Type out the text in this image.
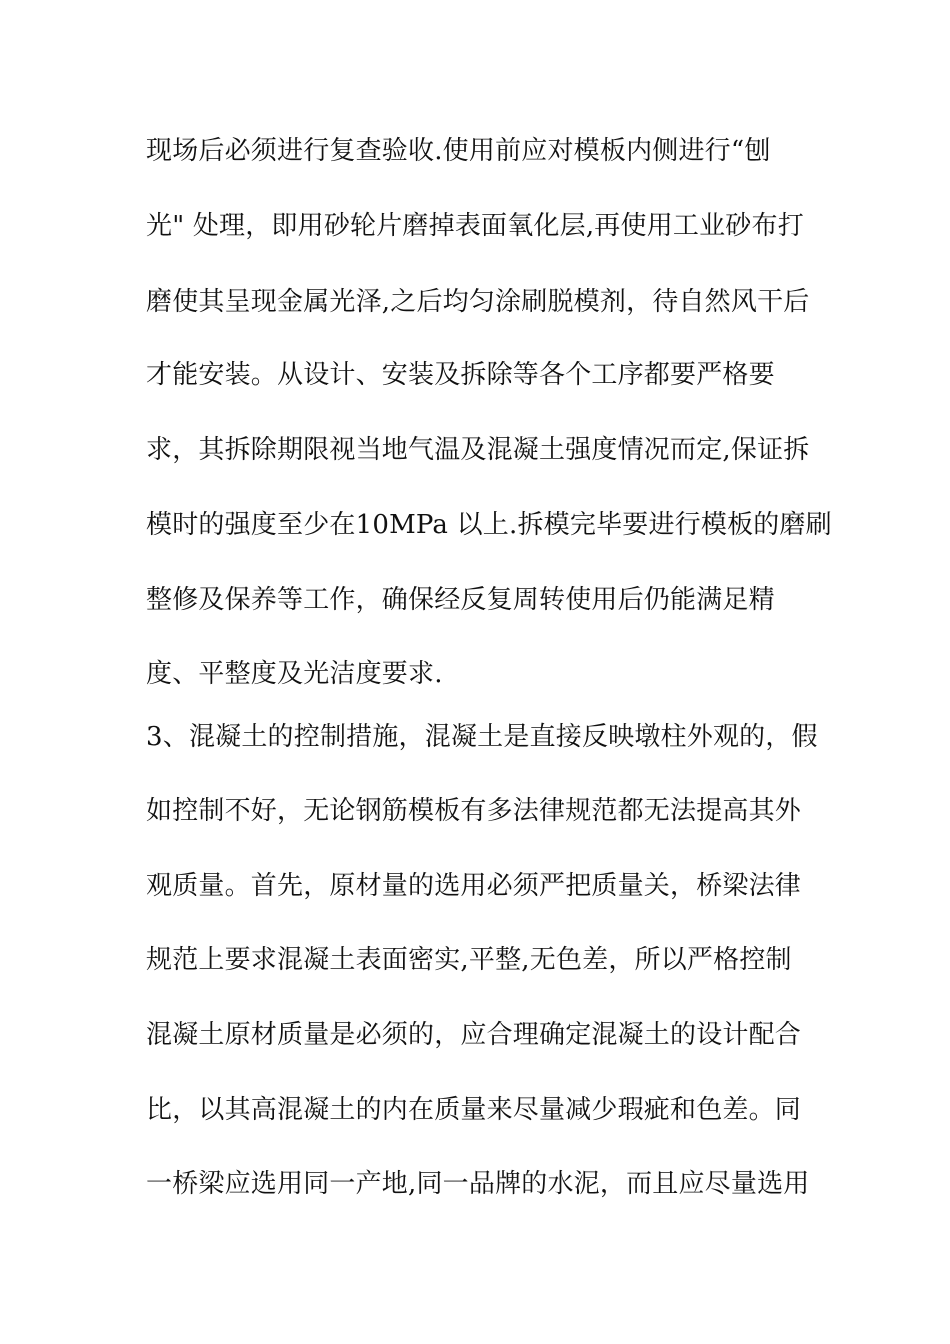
现场后必须进行复查验收.使用前应对模板内侧进行“刨
光" 处理，即用砂轮片磨掉表面氧化层,再使用工业砂布打
磨使其呈现金属光泽,之后均匀涂刷脱模剂，待自然风干后
才能安装。从设计、安装及拆除等各个工序都要严格要
求，其拆除期限视当地气温及混凝土强度情况而定,保证拆
模时的强度至少在10MPa 以上.拆模完毕要进行模板的磨刷
整修及保养等工作，确保经反复周转使用后仍能满足精
度、平整度及光洁度要求.
3、混凝土的控制措施，混凝土是直接反映墩柱外观的，假
如控制不好，无论钢筋模板有多法律规范都无法提高其外
观质量。首先，原材量的选用必须严把质量关，桥梁法律
规范上要求混凝土表面密实,平整,无色差，所以严格控制
混凝土原材质量是必须的，应合理确定混凝土的设计配合
比，以其高混凝土的内在质量来尽量减少瑕疵和色差。同
一桥梁应选用同一产地,同一品牌的水泥，而且应尽量选用
